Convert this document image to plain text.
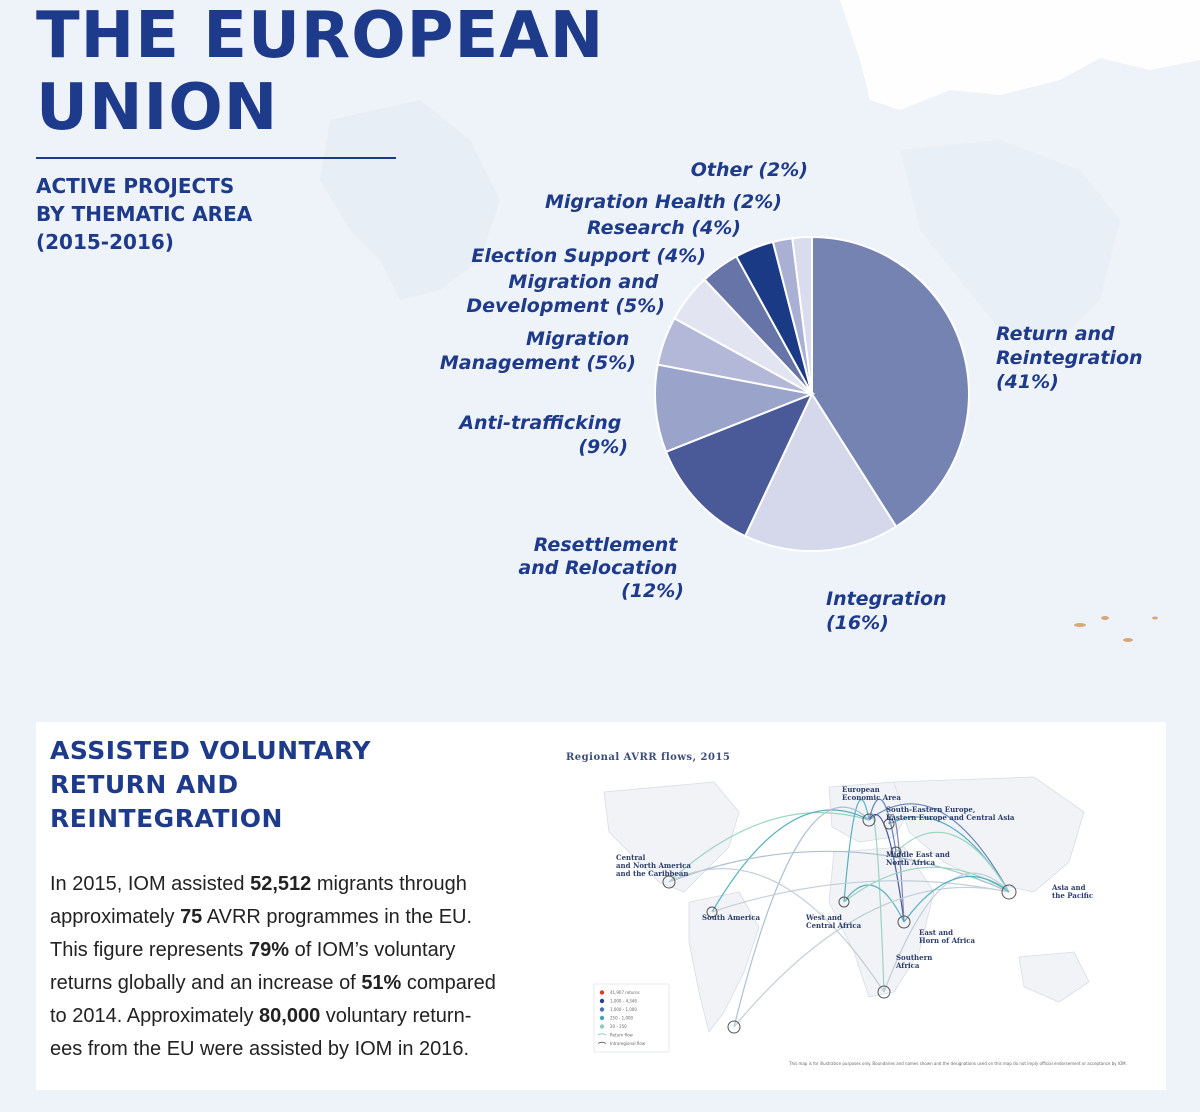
THE EUROPEAN
UNION
ACTIVE PROJECTS
BY THEMATIC AREA
(2015-2016)
Return and Reintegration (41%)
Integration (16%)
Resettlement and Relocation (12%)
Anti-trafficking (9%)
Migration Management (5%)
Migration and Development (5%)
Election Support (4%)
Research (4%)
Migration Health (2%)
Other (2%)
ASSISTED VOLUNTARY
RETURN AND
REINTEGRATION

In 2015, IOM assisted 52,512 migrants through
approximately 75 AVRR programmes in the EU.
This figure represents 79% of IOM’s voluntary
returns globally and an increase of 51% compared
to 2014. Approximately 80,000 voluntary return-
ees from the EU were assisted by IOM in 2016.

Regional AVRR flows, 2015
European Economic Area
South-Eastern Europe, Eastern Europe and Central Asia
Middle East and North Africa
Central and North America and the Caribbean
South America
Asia and the Pacific
West and Central Africa
East and Horn of Africa
Southern Africa
41,907 returns
1,000 - 4,346
1,000 - 1,000
250 - 1,000
20 - 250
Return flow
Intraregional flow
This map is for illustration purposes only. Boundaries and names shown and the designations used on this map do not imply official endorsement or acceptance by IOM.
